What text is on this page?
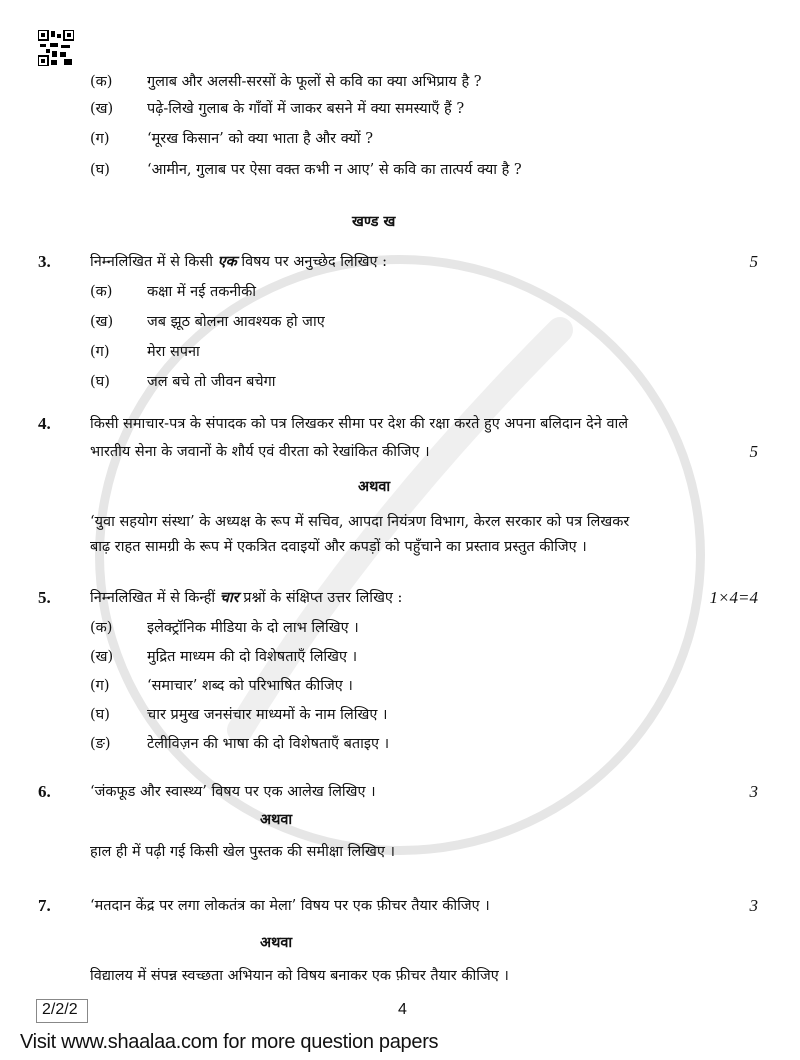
(क) गुलाब और अलसी-सरसों के फूलों से कवि का क्या अभिप्राय है ?
(ख) पढ़े-लिखे गुलाब के गाँवों में जाकर बसने में क्या समस्याएँ हैं ?
(ग)	‘मूरख किसान’ को क्या भाता है और क्यों ?
(घ)	‘आमीन, गुलाब पर ऐसा वक्त कभी न आए’ से कवि का तात्पर्य क्या है ?
खण्ड ख
3.	निम्नलिखित में से किसी एक विषय पर अनुच्छेद लिखिए :	5
(क) कक्षा में नई तकनीकी
(ख) जब झूठ बोलना आवश्यक हो जाए
(ग)	मेरा सपना
(घ)	जल बचे तो जीवन बचेगा
4.	किसी समाचार-पत्र के संपादक को पत्र लिखकर सीमा पर देश की रक्षा करते हुए अपना बलिदान देने वाले
भारतीय सेना के जवानों के शौर्य एवं वीरता को रेखांकित कीजिए ।	5
अथवा
‘युवा सहयोग संस्था’ के अध्यक्ष के रूप में सचिव, आपदा नियंत्रण विभाग, केरल सरकार को पत्र लिखकर
बाढ़ राहत सामग्री के रूप में एकत्रित दवाइयों और कपड़ों को पहुँचाने का प्रस्ताव प्रस्तुत कीजिए ।
5.	निम्नलिखित में से किन्हीं चार प्रश्नों के संक्षिप्त उत्तर लिखिए :	1×4=4
(क) इलेक्ट्रॉनिक मीडिया के दो लाभ लिखिए ।
(ख) मुद्रित माध्यम की दो विशेषताएँ लिखिए ।
(ग)	‘समाचार’ शब्द को परिभाषित कीजिए ।
(घ)	चार प्रमुख जनसंचार माध्यमों के नाम लिखिए ।
(ङ)	टेलीविज़न की भाषा की दो विशेषताएँ बताइए ।
6.	‘जंकफूड और स्वास्थ्य’ विषय पर एक आलेख लिखिए ।	3
अथवा
हाल ही में पढ़ी गई किसी खेल पुस्तक की समीक्षा लिखिए ।
7.	‘मतदान केंद्र पर लगा लोकतंत्र का मेला’ विषय पर एक फ़ीचर तैयार कीजिए ।	3
अथवा
विद्यालय में संपन्न स्वच्छता अभियान को विषय बनाकर एक फ़ीचर तैयार कीजिए ।
2/2/2	4
Visit www.shaalaa.com for more question papers
